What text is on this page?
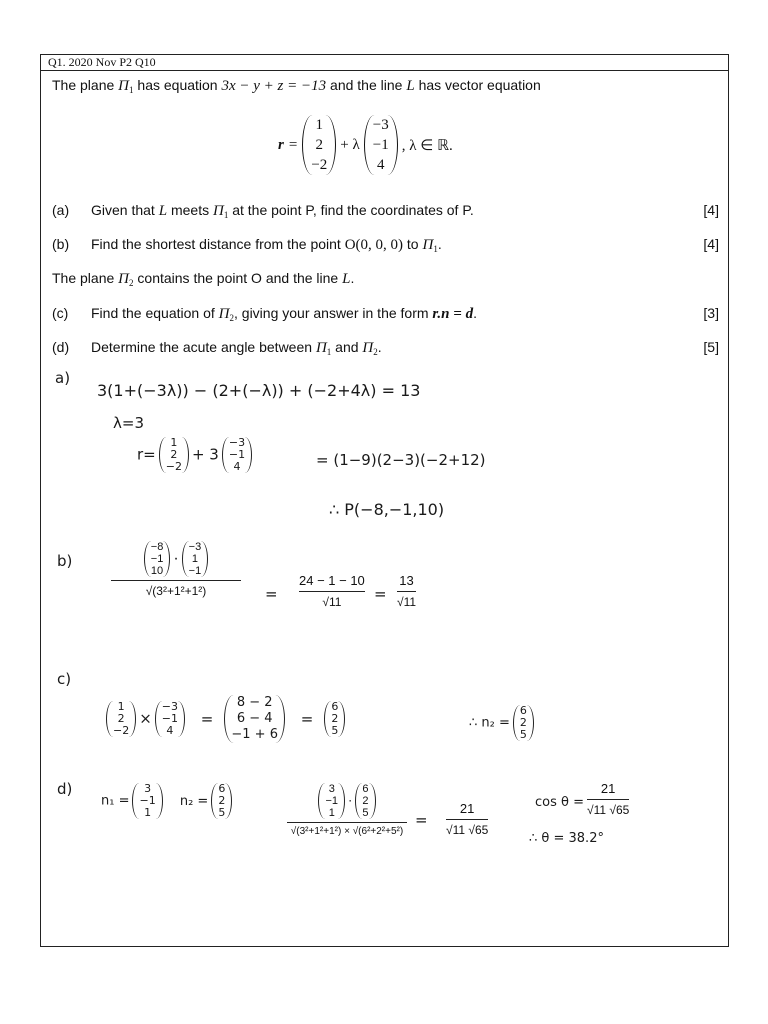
Q1. 2020 Nov P2 Q10
The plane $\Pi_1$ has equation 3x − y + z = −13 and the line L has vector equation
r =
1
2
−2
+ λ
−3
−1
4
, λ ∈ ℝ.
(a) Given that L meets $\Pi_1$ at the point P, find the coordinates of P.	[4]
(b) Find the shortest distance from the point O(0, 0, 0) to $\Pi_1$.	[4]
The plane $\Pi_2$ contains the point O and the line L.
(c) Find the equation of $\Pi_2$, giving your answer in the form r.n = d.	[3]
(d) Determine the acute angle between $\Pi_1$ and $\Pi_2$.	[5]
a)
3(1+(−3λ)) − (2+(−λ)) + (−2+4λ) = 13
λ=3
r=
1
2
−2
+ 3
−3
−1
4	= (1−9)(2−3)(−2+12)
∴ P(−8,−1,10)
b)
−8
−1
10
·
−3
1
−1
√(3²+1²+1²)	=
24 − 1 − 10
√11 =
13
√11
c)
1
2
−2
×
−3
−1
4
=
8 − 2
6 − 4
−1 + 6
=
6
2
5	∴ n₂ =
6
2
5
d)
n₁ =
3
−1
1
n₂ =
6
2
5
3
−1
1
·
6
2
5
√(3²+1²+1²) × √(6²+2²+5²)
=
21
√11 √65
cos θ =
21
√11 √65
∴ θ = 38.2°
